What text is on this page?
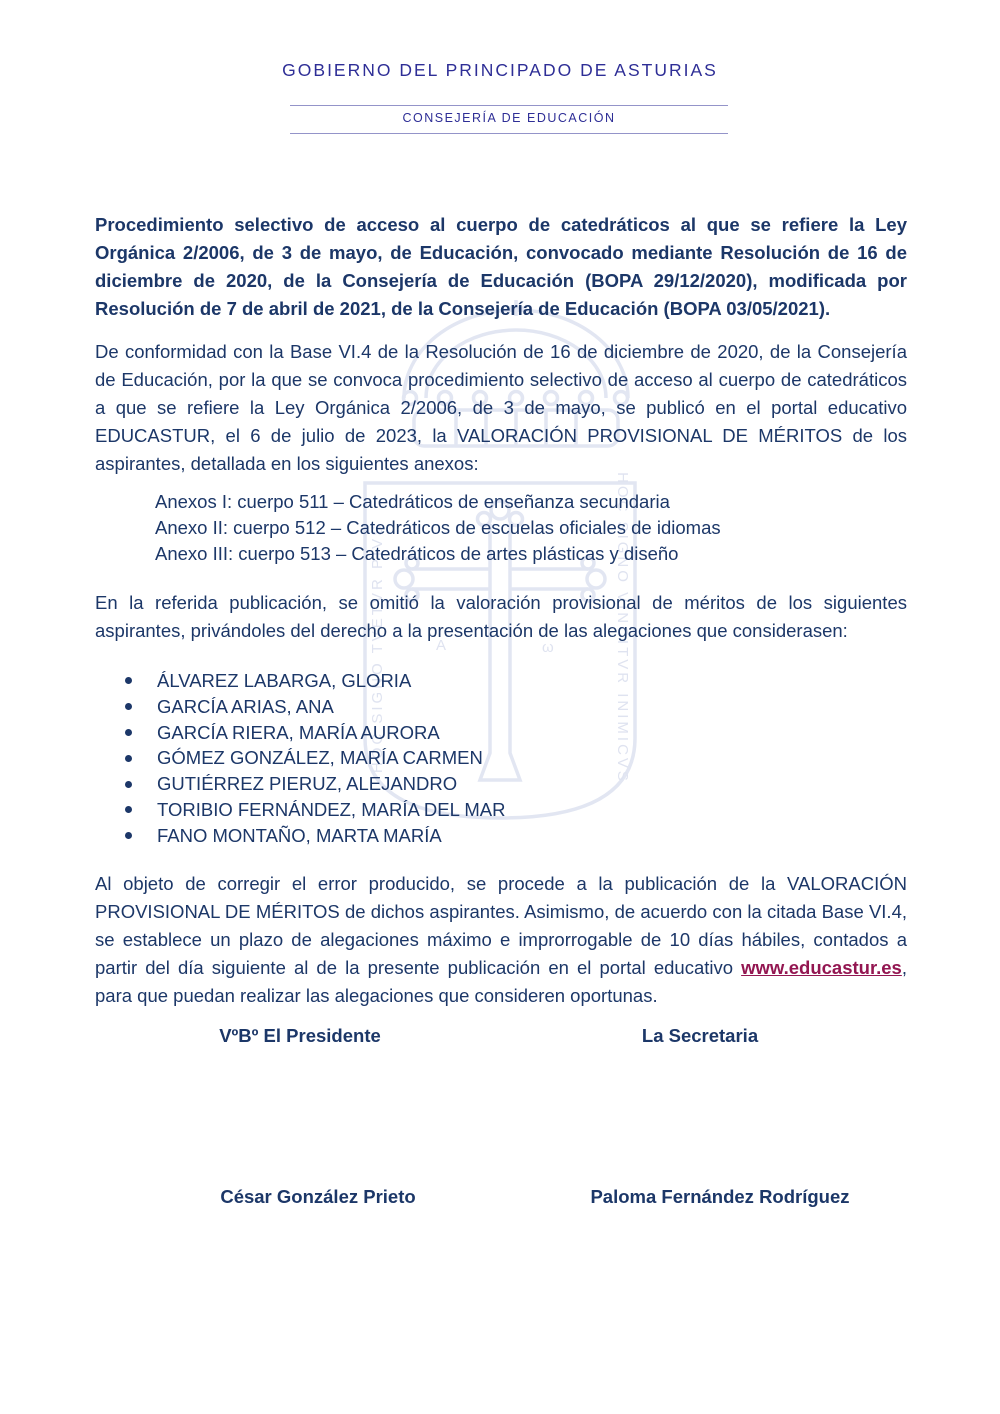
A	ω
HOC SIGNO TVETVR PIVS	HOC SIGNO VINCITVR INIMICVS
GOBIERNO DEL PRINCIPADO DE ASTURIAS
CONSEJERÍA DE EDUCACIÓN

Procedimiento selectivo de acceso al cuerpo de catedráticos al que se refiere la Ley Orgánica 2/2006, de 3 de mayo, de Educación, convocado mediante Resolución de 16 de diciembre de 2020, de la Consejería de Educación (BOPA 29/12/2020), modificada por Resolución de 7 de abril de 2021, de la Consejería de Educación (BOPA 03/05/2021).

De conformidad con la Base VI.4 de la Resolución de 16 de diciembre de 2020, de la Consejería de Educación, por la que se convoca procedimiento selectivo de acceso al cuerpo de catedráticos a que se refiere la Ley Orgánica 2/2006, de 3 de mayo, se publicó en el portal educativo EDUCASTUR, el 6 de julio de 2023, la VALORACIÓN PROVISIONAL DE MÉRITOS de los aspirantes, detallada en los siguientes anexos:

Anexos I: cuerpo 511 – Catedráticos de enseñanza secundaria
Anexo II: cuerpo 512 – Catedráticos de escuelas oficiales de idiomas
Anexo III: cuerpo 513 – Catedráticos de artes plásticas y diseño

En la referida publicación, se omitió la valoración provisional de méritos de los siguientes aspirantes, privándoles del derecho a la presentación de las alegaciones que considerasen:

ÁLVAREZ LABARGA, GLORIA
GARCÍA ARIAS, ANA
GARCÍA RIERA, MARÍA AURORA
GÓMEZ GONZÁLEZ, MARÍA CARMEN
GUTIÉRREZ PIERUZ, ALEJANDRO
TORIBIO FERNÁNDEZ, MARÍA DEL MAR
FANO MONTAÑO, MARTA MARÍA

Al objeto de corregir el error producido, se procede a la publicación de la VALORACIÓN PROVISIONAL DE MÉRITOS de dichos aspirantes. Asimismo, de acuerdo con la citada Base VI.4, se establece un plazo de alegaciones máximo e improrrogable de 10 días hábiles, contados a partir del día siguiente al de la presente publicación en el portal educativo www.educastur.es, para que puedan realizar las alegaciones que consideren oportunas.

VºBº El Presidente	La Secretaria
César González Prieto	Paloma Fernández Rodríguez
